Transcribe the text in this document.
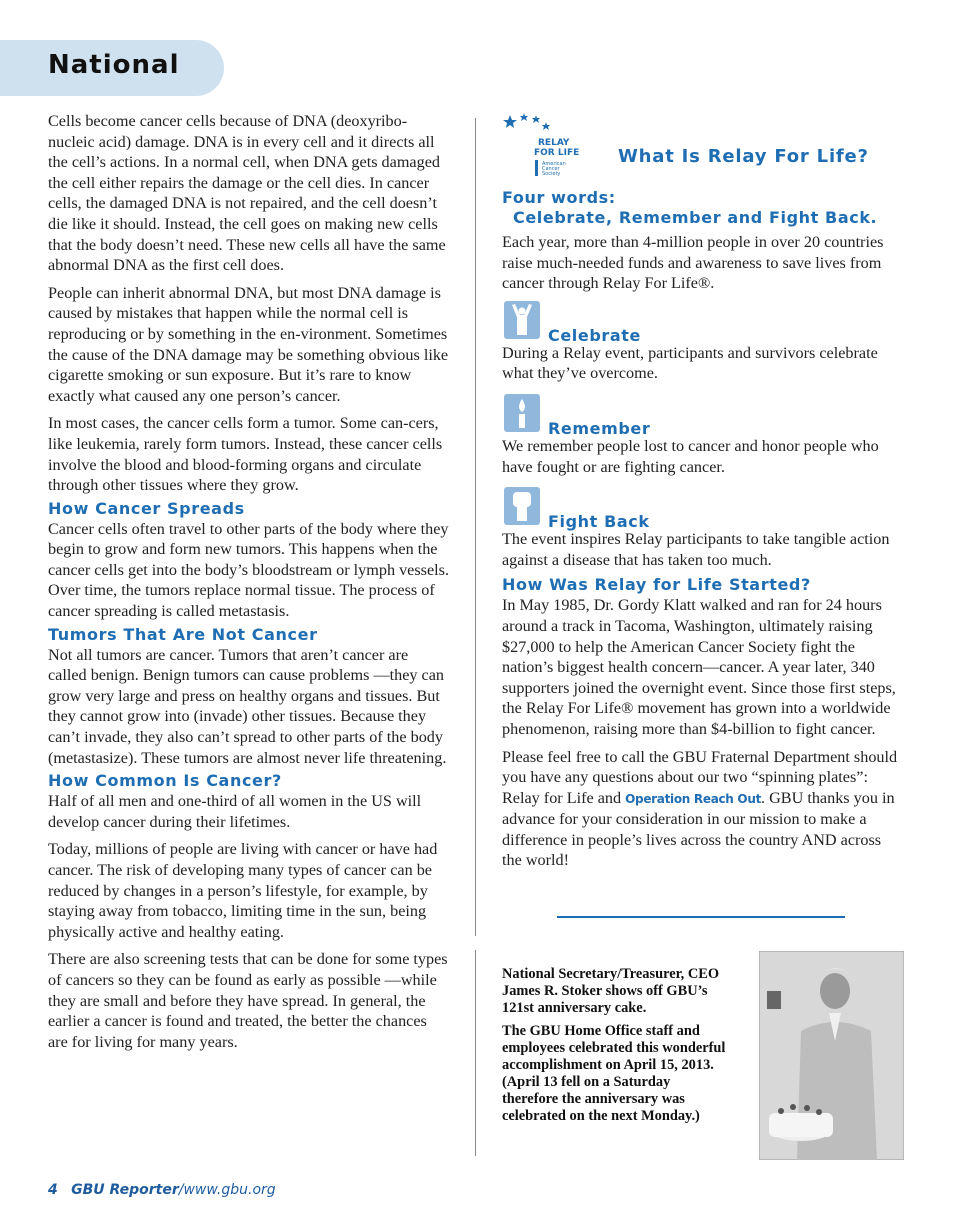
National

Cells become cancer cells because of DNA (deoxyribo-nucleic acid) damage. DNA is in every cell and it directs all the cell’s actions. In a normal cell, when DNA gets damaged the cell either repairs the damage or the cell dies. In cancer cells, the damaged DNA is not repaired, and the cell doesn’t die like it should. Instead, the cell goes on making new cells that the body doesn’t need. These new cells all have the same abnormal DNA as the first cell does.

People can inherit abnormal DNA, but most DNA damage is caused by mistakes that happen while the normal cell is reproducing or by something in the en-vironment. Sometimes the cause of the DNA damage may be something obvious like cigarette smoking or sun exposure. But it’s rare to know exactly what caused any one person’s cancer.

In most cases, the cancer cells form a tumor. Some can-cers, like leukemia, rarely form tumors. Instead, these cancer cells involve the blood and blood-forming organs and circulate through other tissues where they grow.

How Cancer Spreads

Cancer cells often travel to other parts of the body where they begin to grow and form new tumors. This happens when the cancer cells get into the body’s bloodstream or lymph vessels. Over time, the tumors replace normal tissue. The process of cancer spreading is called metastasis.

Tumors That Are Not Cancer

Not all tumors are cancer. Tumors that aren’t cancer are called benign. Benign tumors can cause problems —they can grow very large and press on healthy organs and tissues. But they cannot grow into (invade) other tissues. Because they can’t invade, they also can’t spread to other parts of the body (metastasize). These tumors are almost never life threatening.

How Common Is Cancer?

Half of all men and one-third of all women in the US will develop cancer during their lifetimes.

Today, millions of people are living with cancer or have had cancer. The risk of developing many types of cancer can be reduced by changes in a person’s lifestyle, for example, by staying away from tobacco, limiting time in the sun, being physically active and healthy eating.

There are also screening tests that can be done for some types of cancers so they can be found as early as possible —while they are small and before they have spread. In general, the earlier a cancer is found and treated, the better the chances are for living for many years.

RELAY
FOR LIFE
American
Cancer
Society
What Is Relay For Life?
Four words:
Celebrate, Remember and Fight Back.

Each year, more than 4-million people in over 20 countries raise much-needed funds and awareness to save lives from cancer through Relay For Life®.

Celebrate

During a Relay event, participants and survivors celebrate what they’ve overcome.

Remember

We remember people lost to cancer and honor people who have fought or are fighting cancer.

Fight Back

The event inspires Relay participants to take tangible action against a disease that has taken too much.

How Was Relay for Life Started?

In May 1985, Dr. Gordy Klatt walked and ran for 24 hours around a track in Tacoma, Washington, ultimately raising $27,000 to help the American Cancer Society fight the nation’s biggest health concern—cancer. A year later, 340 supporters joined the overnight event. Since those first steps, the Relay For Life® movement has grown into a worldwide phenomenon, raising more than $4-billion to fight cancer.

Please feel free to call the GBU Fraternal Department should you have any questions about our two “spinning plates”: Relay for Life and Operation Reach Out. GBU thanks you in advance for your consideration in our mission to make a difference in people’s lives across the country AND across the world!

National Secretary/Treasurer, CEO James R. Stoker shows off GBU’s 121st anniversary cake.

The GBU Home Office staff and employees celebrated this wonderful accomplishment on April 15, 2013. (April 13 fell on a Saturday therefore the anniversary was celebrated on the next Monday.)

4 GBU Reporter/www.gbu.org
